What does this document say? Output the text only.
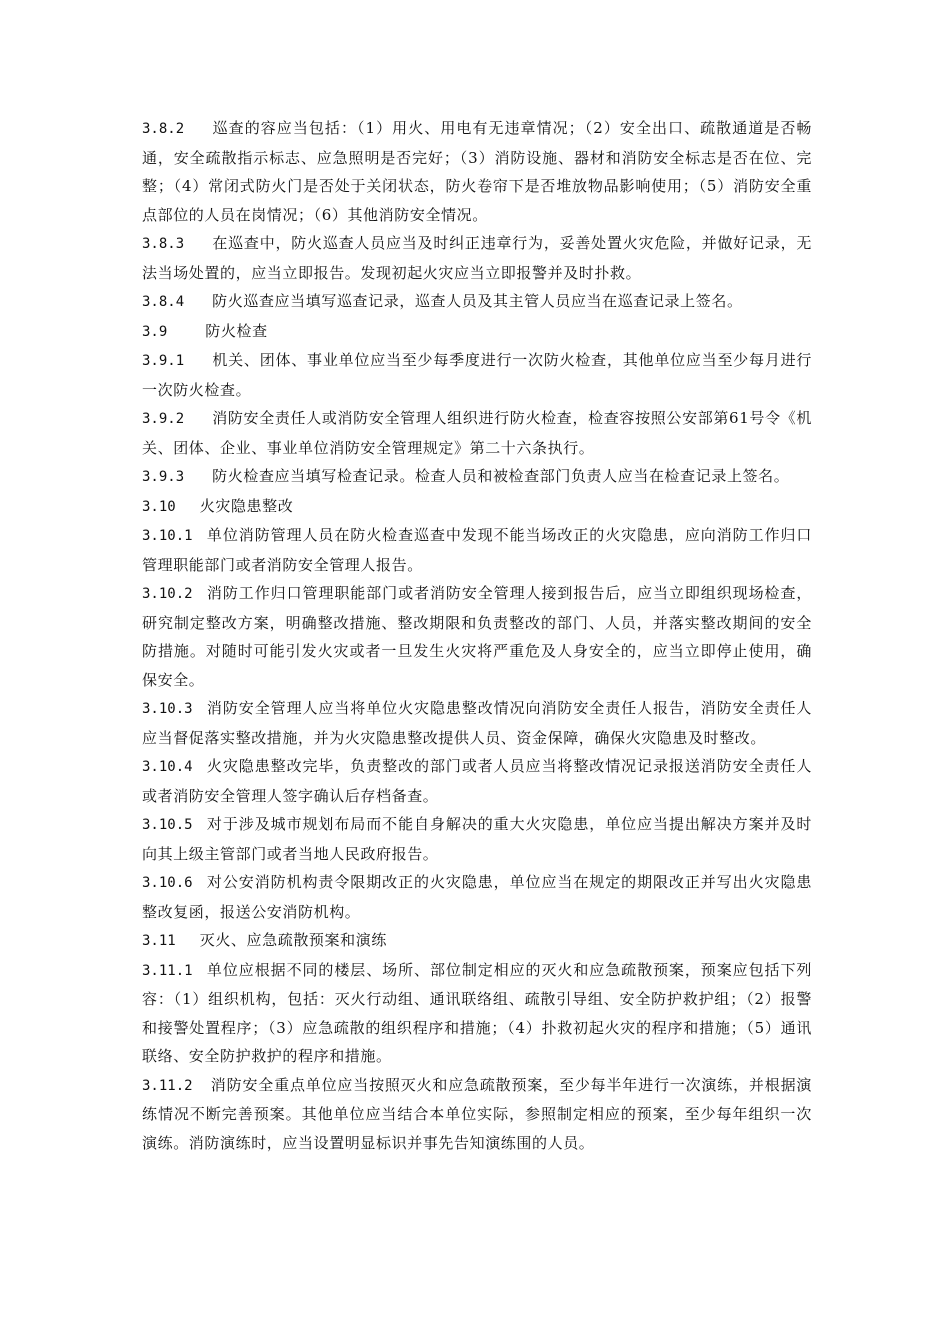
3.8.2 巡查的容应当包括：（1）用火、用电有无违章情况；（2）安全出口、疏散通道是否畅通，安全疏散指示标志、应急照明是否完好；（3）消防设施、器材和消防安全标志是否在位、完整；（4）常闭式防火门是否处于关闭状态，防火卷帘下是否堆放物品影响使用；（5）消防安全重点部位的人员在岗情况；（6）其他消防安全情况。

3.8.3 在巡查中，防火巡查人员应当及时纠正违章行为，妥善处置火灾危险，并做好记录，无法当场处置的，应当立即报告。发现初起火灾应当立即报警并及时扑救。

3.8.4 防火巡查应当填写巡查记录，巡查人员及其主管人员应当在巡查记录上签名。

3.9	防火检查

3.9.1 机关、团体、事业单位应当至少每季度进行一次防火检查，其他单位应当至少每月进行一次防火检查。

3.9.2 消防安全责任人或消防安全管理人组织进行防火检查，检查容按照公安部第61号令《机关、团体、企业、事业单位消防安全管理规定》第二十六条执行。

3.9.3 防火检查应当填写检查记录。检查人员和被检查部门负责人应当在检查记录上签名。

3.10 火灾隐患整改

3.10.1 单位消防管理人员在防火检查巡查中发现不能当场改正的火灾隐患，应向消防工作归口管理职能部门或者消防安全管理人报告。

3.10.2 消防工作归口管理职能部门或者消防安全管理人接到报告后，应当立即组织现场检查，研究制定整改方案，明确整改措施、整改期限和负责整改的部门、人员，并落实整改期间的安全防措施。对随时可能引发火灾或者一旦发生火灾将严重危及人身安全的，应当立即停止使用，确保安全。

3.10.3 消防安全管理人应当将单位火灾隐患整改情况向消防安全责任人报告，消防安全责任人应当督促落实整改措施，并为火灾隐患整改提供人员、资金保障，确保火灾隐患及时整改。

3.10.4 火灾隐患整改完毕，负责整改的部门或者人员应当将整改情况记录报送消防安全责任人或者消防安全管理人签字确认后存档备查。

3.10.5 对于涉及城市规划布局而不能自身解决的重大火灾隐患，单位应当提出解决方案并及时向其上级主管部门或者当地人民政府报告。

3.10.6 对公安消防机构责令限期改正的火灾隐患，单位应当在规定的期限改正并写出火灾隐患整改复函，报送公安消防机构。

3.11 灭火、应急疏散预案和演练

3.11.1 单位应根据不同的楼层、场所、部位制定相应的灭火和应急疏散预案，预案应包括下列容：（1）组织机构，包括：灭火行动组、通讯联络组、疏散引导组、安全防护救护组；（2）报警和接警处置程序；（3）应急疏散的组织程序和措施；（4）扑救初起火灾的程序和措施；（5）通讯联络、安全防护救护的程序和措施。

3.11.2 消防安全重点单位应当按照灭火和应急疏散预案，至少每半年进行一次演练，并根据演练情况不断完善预案。其他单位应当结合本单位实际，参照制定相应的预案，至少每年组织一次演练。消防演练时，应当设置明显标识并事先告知演练围的人员。
